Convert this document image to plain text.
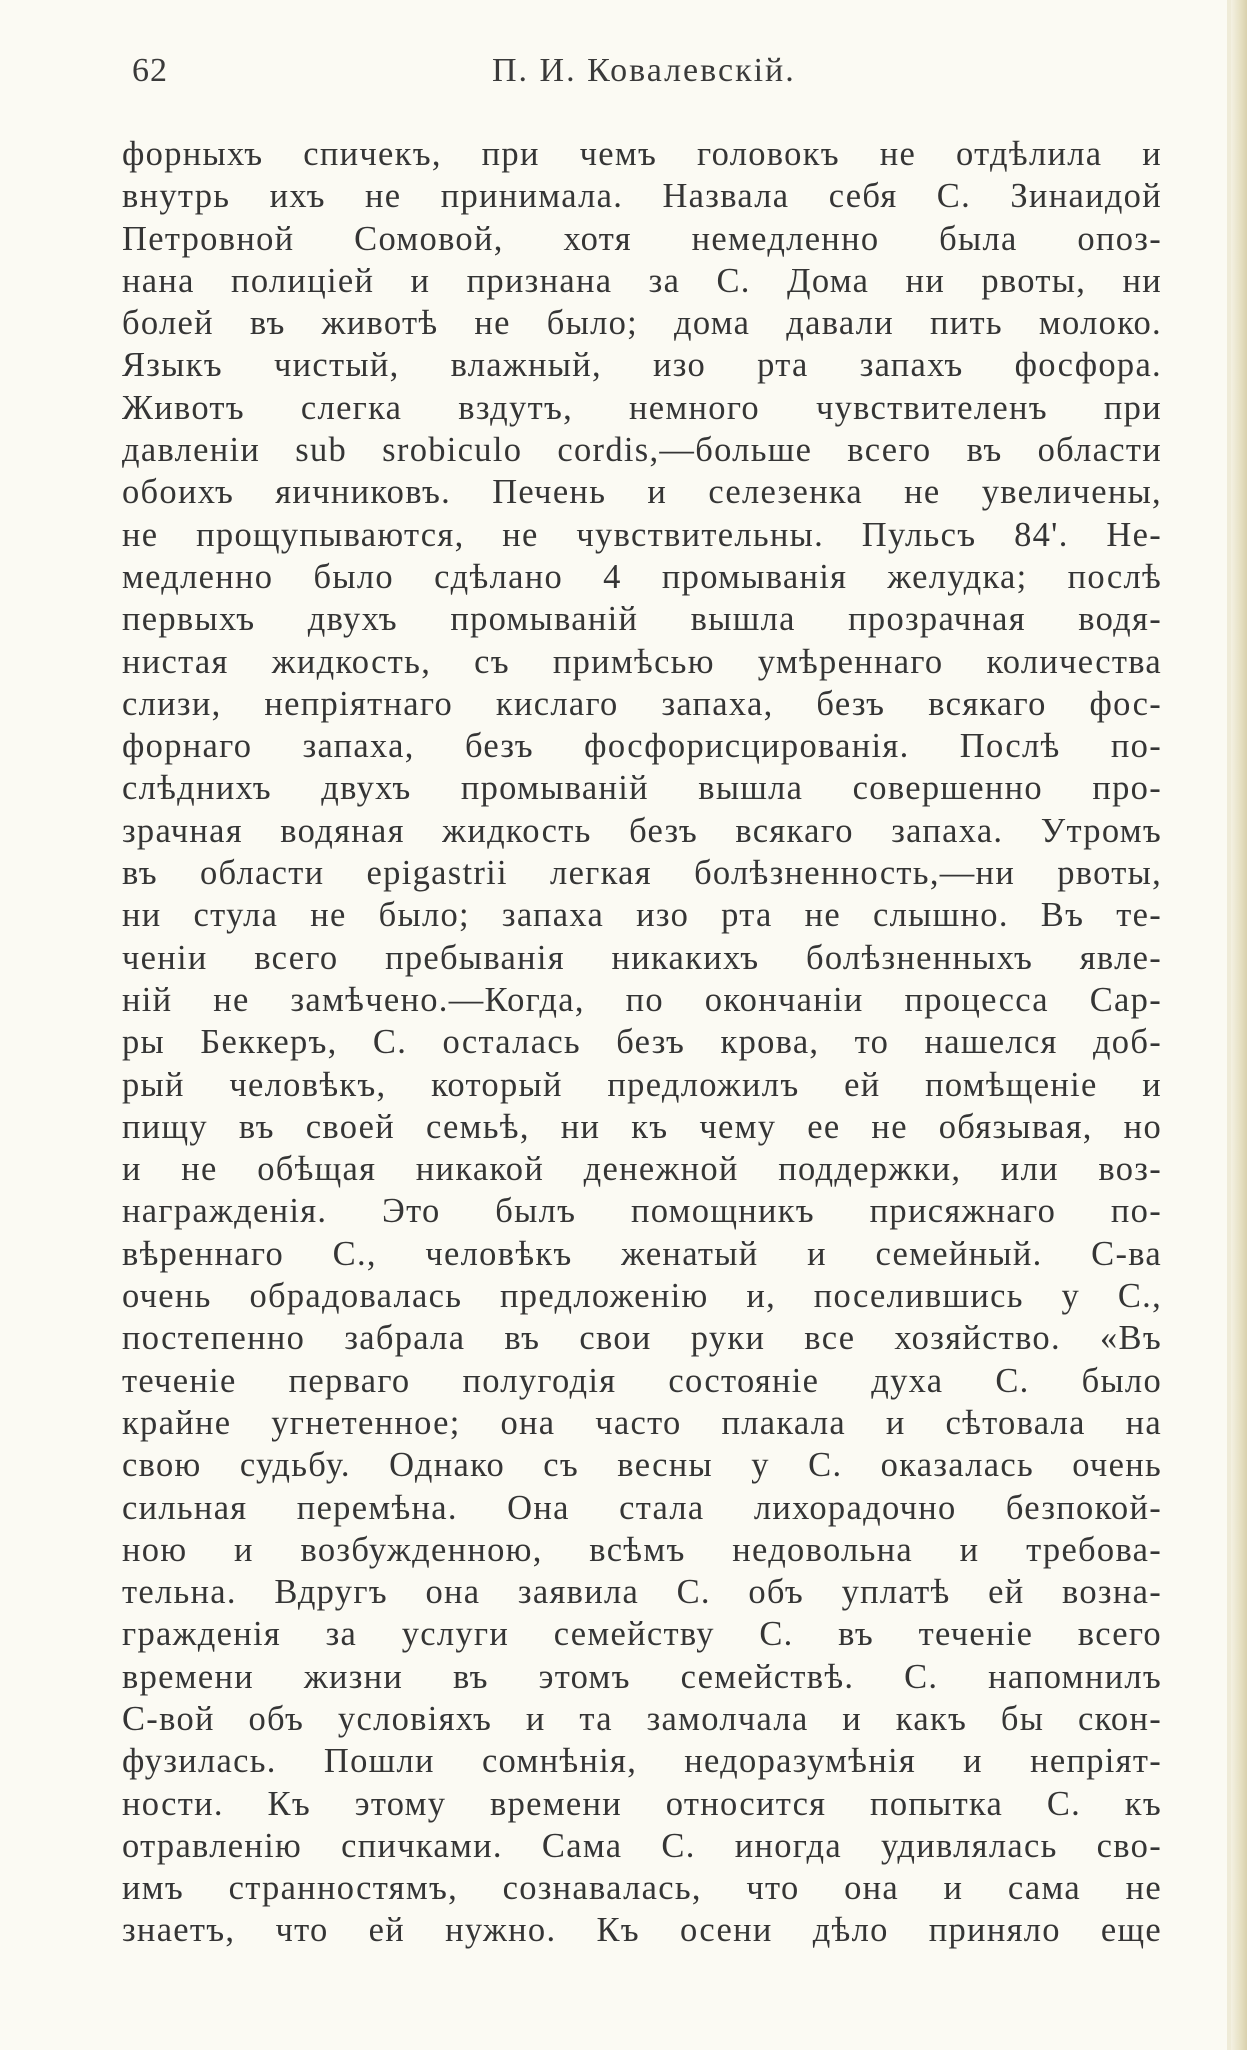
62	П. И. Ковалевскій.
форныхъ спичекъ, при чемъ головокъ не отдѣлила и
внутрь ихъ не принимала. Назвала себя С. Зинаидой
Петровной Сомовой, хотя немедленно была опоз-
нана полиціей и признана за С. Дома ни рвоты, ни
болей въ животѣ не было; дома давали пить молоко.
Языкъ чистый, влажный, изо рта запахъ фосфора.
Животъ слегка вздутъ, немного чувствителенъ при
давленіи sub srobiculo cordis,—больше всего въ области
обоихъ яичниковъ. Печень и селезенка не увеличены,
не прощупываются, не чувствительны. Пульсъ 84'. Не-
медленно было сдѣлано 4 промыванія желудка; послѣ
первыхъ двухъ промываній вышла прозрачная водя-
нистая жидкость, съ примѣсью умѣреннаго количества
слизи, непріятнаго кислаго запаха, безъ всякаго фос-
форнаго запаха, безъ фосфорисцированія. Послѣ по-
слѣднихъ двухъ промываній вышла совершенно про-
зрачная водяная жидкость безъ всякаго запаха. Утромъ
въ области epigastrii легкая болѣзненность,—ни рвоты,
ни стула не было; запаха изо рта не слышно. Въ те-
ченіи всего пребыванія никакихъ болѣзненныхъ явле-
ній не замѣчено.—Когда, по окончаніи процесса Сар-
ры Беккеръ, С. осталась безъ крова, то нашелся доб-
рый человѣкъ, который предложилъ ей помѣщеніе и
пищу въ своей семьѣ, ни къ чему ее не обязывая, но
и не обѣщая никакой денежной поддержки, или воз-
награжденія. Это былъ помощникъ присяжнаго по-
вѣреннаго С., человѣкъ женатый и семейный. С-ва
очень обрадовалась предложенію и, поселившись у С.,
постепенно забрала въ свои руки все хозяйство. «Въ
теченіе перваго полугодія состояніе духа С. было
крайне угнетенное; она часто плакала и сѣтовала на
свою судьбу. Однако съ весны у С. оказалась очень
сильная перемѣна. Она стала лихорадочно безпокой-
ною и возбужденною, всѣмъ недовольна и требова-
тельна. Вдругъ она заявила С. объ уплатѣ ей возна-
гражденія за услуги семейству С. въ теченіе всего
времени жизни въ этомъ семействѣ. С. напомнилъ
С-вой объ условіяхъ и та замолчала и какъ бы скон-
фузилась. Пошли сомнѣнія, недоразумѣнія и непріят-
ности. Къ этому времени относится попытка С. къ
отравленію спичками. Сама С. иногда удивлялась сво-
имъ странностямъ, сознавалась, что она и сама не
знаетъ, что ей нужно. Къ осени дѣло приняло еще
